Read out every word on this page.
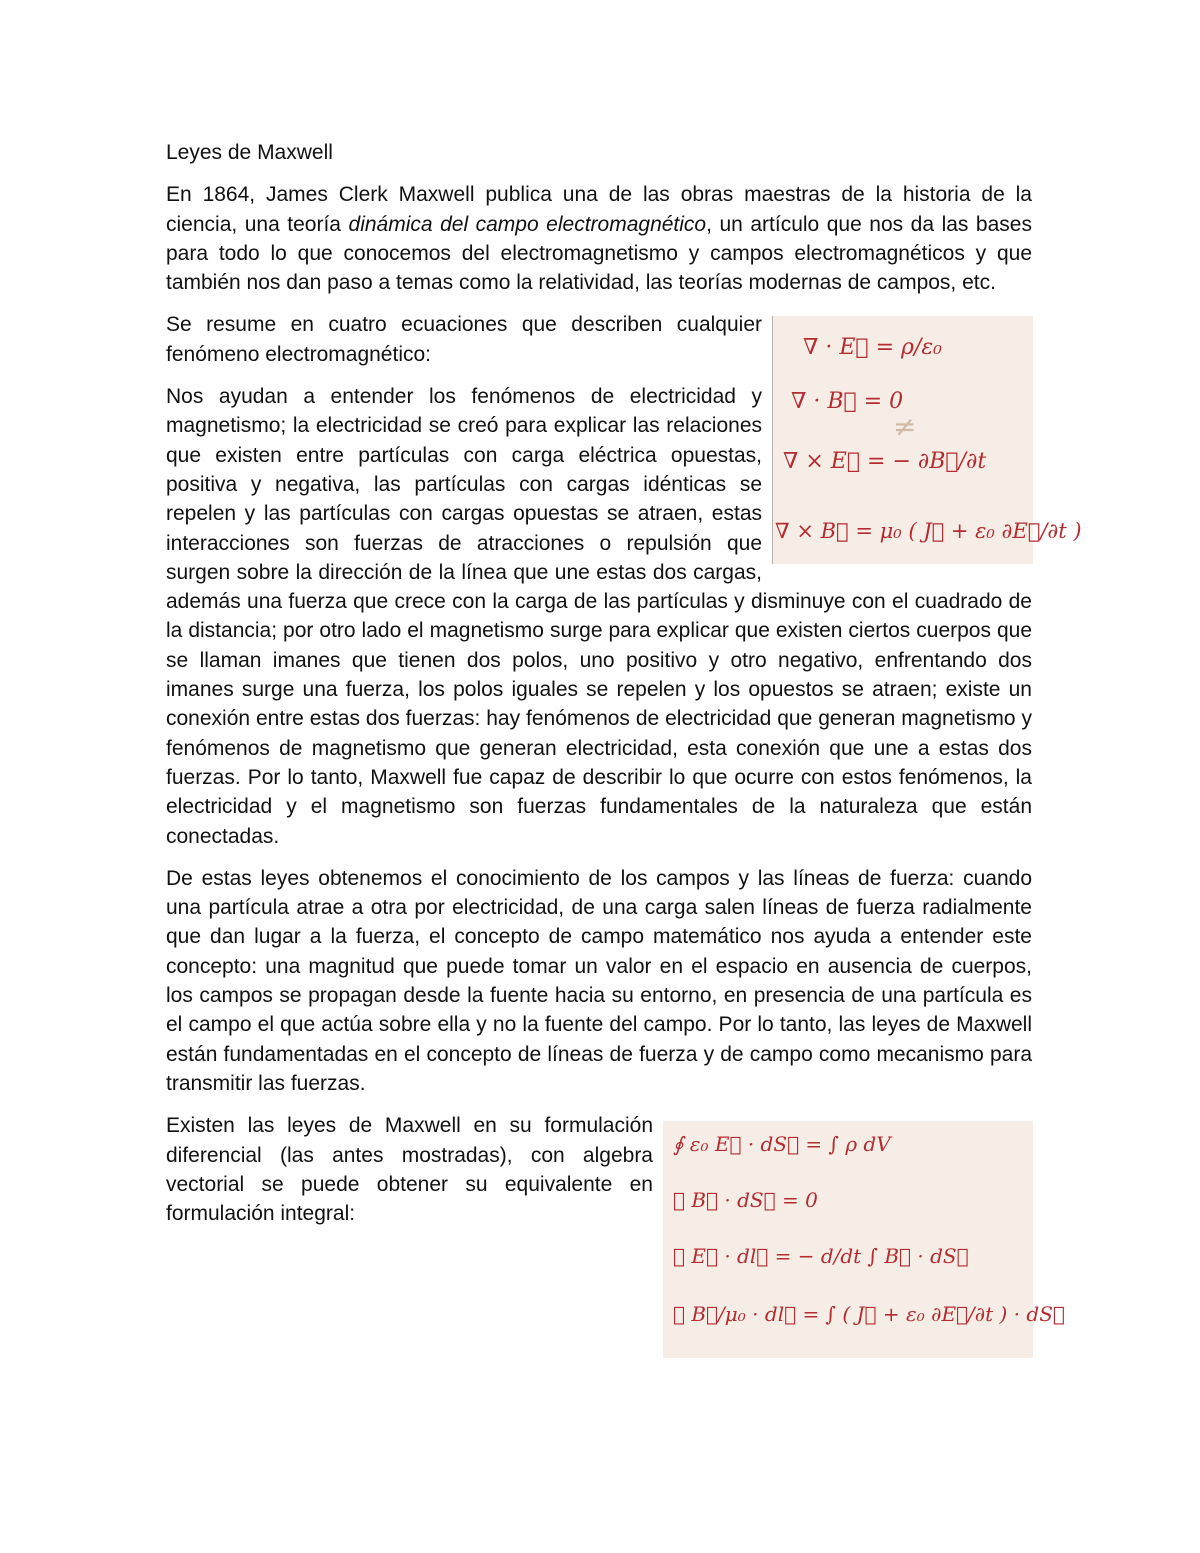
Leyes de Maxwell

En 1864, James Clerk Maxwell publica una de las obras maestras de la historia de la ciencia, una teoría dinámica del campo electromagnético, un artículo que nos da las bases para todo lo que conocemos del electromagnetismo y campos electromagnéticos y que también nos dan paso a temas como la relatividad, las teorías modernas de campos, etc.

≠
∇ · E⃗ = ρ/ε₀
∇ · B⃗ = 0
∇ × E⃗ = − ∂B⃗/∂t
∇ × B⃗ = μ₀ ( J⃗ + ε₀ ∂E⃗/∂t )

Se resume en cuatro ecuaciones que describen cualquier fenómeno electromagnético:

Nos ayudan a entender los fenómenos de electricidad y magnetismo; la electricidad se creó para explicar las relaciones que existen entre partículas con carga eléctrica opuestas, positiva y negativa, las partículas con cargas idénticas se repelen y las partículas con cargas opuestas se atraen, estas interacciones son fuerzas de atracciones o repulsión que surgen sobre la dirección de la línea que une estas dos cargas, además una fuerza que crece con la carga de las partículas y disminuye con el cuadrado de la distancia; por otro lado el magnetismo surge para explicar que existen ciertos cuerpos que se llaman imanes que tienen dos polos, uno positivo y otro negativo, enfrentando dos imanes surge una fuerza, los polos iguales se repelen y los opuestos se atraen; existe un conexión entre estas dos fuerzas: hay fenómenos de electricidad que generan magnetismo y fenómenos de magnetismo que generan electricidad, esta conexión que une a estas dos fuerzas. Por lo tanto, Maxwell fue capaz de describir lo que ocurre con estos fenómenos, la electricidad y el magnetismo son fuerzas fundamentales de la naturaleza que están conectadas.

De estas leyes obtenemos el conocimiento de los campos y las líneas de fuerza: cuando una partícula atrae a otra por electricidad, de una carga salen líneas de fuerza radialmente que dan lugar a la fuerza, el concepto de campo matemático nos ayuda a entender este concepto: una magnitud que puede tomar un valor en el espacio en ausencia de cuerpos, los campos se propagan desde la fuente hacia su entorno, en presencia de una partícula es el campo el que actúa sobre ella y no la fuente del campo. Por lo tanto, las leyes de Maxwell están fundamentadas en el concepto de líneas de fuerza y de campo como mecanismo para transmitir las fuerzas.

∮ ε₀ E⃗ · dS⃗ = ∫ ρ dV
∮ B⃗ · dS⃗ = 0
∮ E⃗ · dl⃗ = − d/dt ∫ B⃗ · dS⃗
∮ B⃗/μ₀ · dl⃗ = ∫ ( J⃗ + ε₀ ∂E⃗/∂t ) · dS⃗

Existen las leyes de Maxwell en su formulación diferencial (las antes mostradas), con algebra vectorial se puede obtener su equivalente en formulación integral:
